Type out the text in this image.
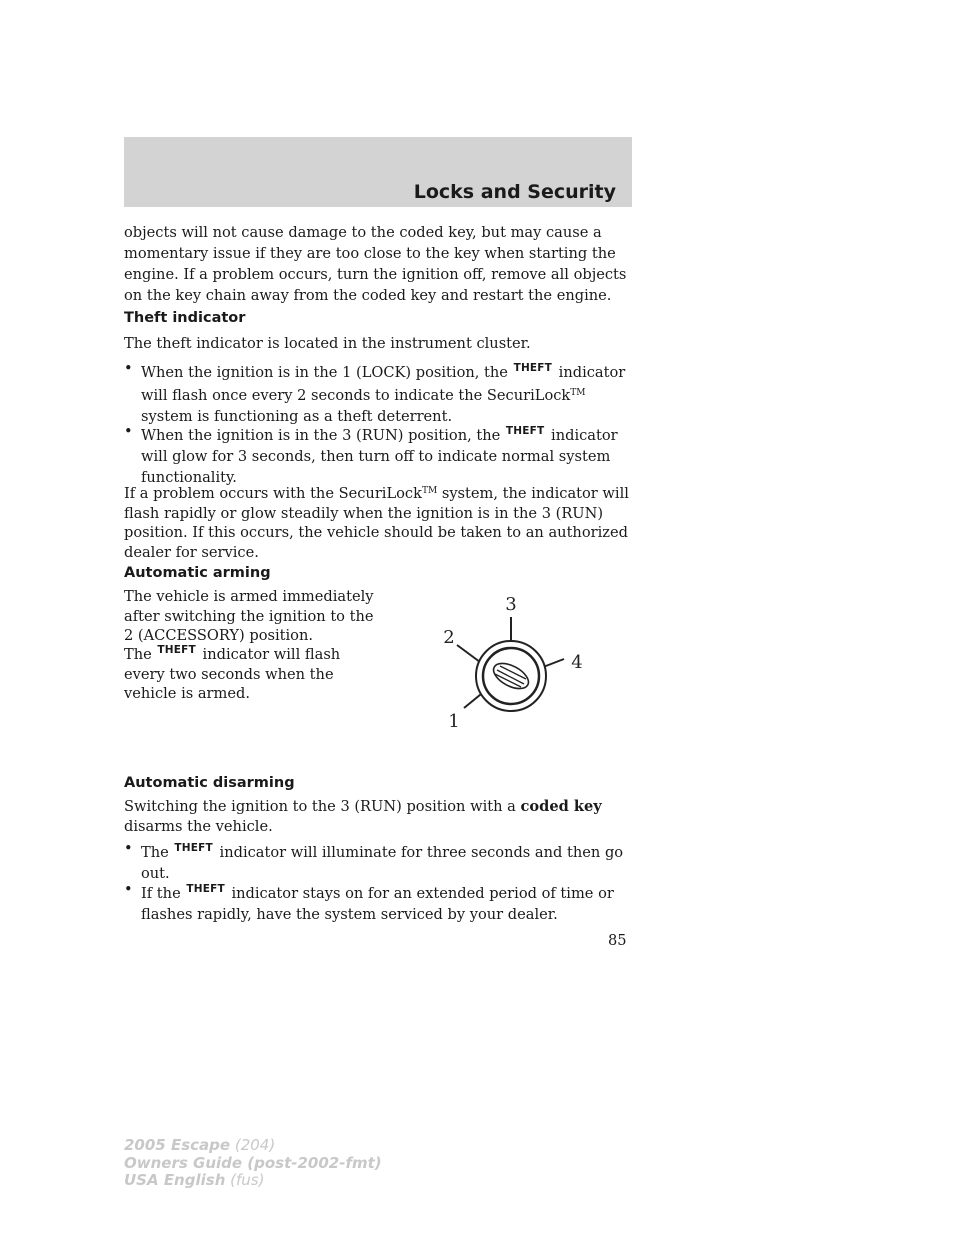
Locks and Security

objects will not cause damage to the coded key, but may cause a momentary issue if they are too close to the key when starting the engine. If a problem occurs, turn the ignition off, remove all objects on the key chain away from the coded key and restart the engine.

Theft indicator

The theft indicator is located in the instrument cluster.

• When the ignition is in the 1 (LOCK) position, the $^{THEFT}$ indicator will flash once every 2 seconds to indicate the SecuriLock™ system is functioning as a theft deterrent.

• When the ignition is in the 3 (RUN) position, the $^{THEFT}$ indicator will glow for 3 seconds, then turn off to indicate normal system functionality.

If a problem occurs with the SecuriLock™ system, the indicator will flash rapidly or glow steadily when the ignition is in the 3 (RUN) position. If this occurs, the vehicle should be taken to an authorized dealer for service.

Automatic arming

The vehicle is armed immediately after switching the ignition to the 2 (ACCESSORY) position.

The $^{THEFT}$ indicator will flash every two seconds when the vehicle is armed.

3
2
4
1
Automatic disarming

Switching the ignition to the 3 (RUN) position with a coded key disarms the vehicle.

• The $^{THEFT}$ indicator will illuminate for three seconds and then go out.

• If the $^{THEFT}$ indicator stays on for an extended period of time or flashes rapidly, have the system serviced by your dealer.

85
2005 Escape (204)
Owners Guide (post-2002-fmt)
USA English (fus)
